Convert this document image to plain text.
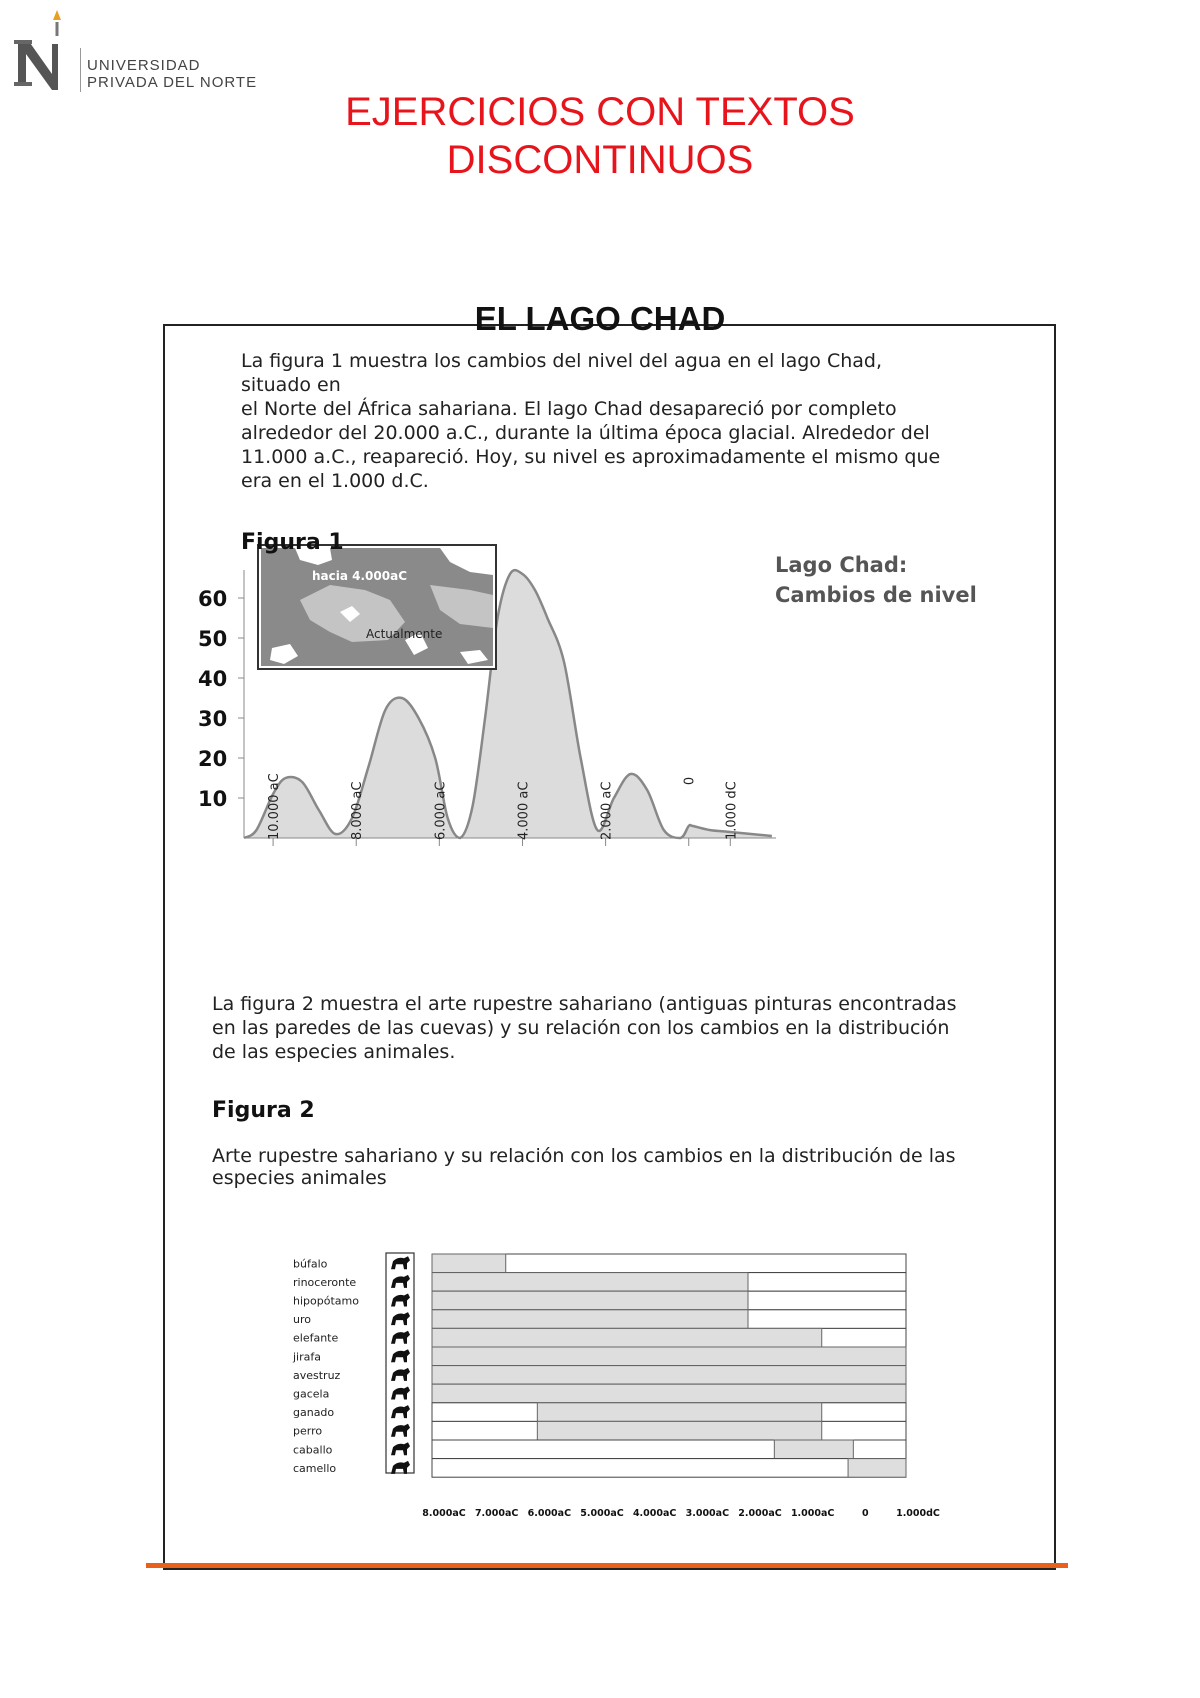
UNIVERSIDAD
PRIVADA DEL NORTE
EJERCICIOS CON TEXTOS
DISCONTINUOS
EL LAGO CHAD
La figura 1 muestra los cambios del nivel del agua en el lago Chad,
situado en
el Norte del África sahariana. El lago Chad desapareció por completo
alrededor del 20.000 a.C., durante la última época glacial. Alrededor del
11.000 a.C., reapareció. Hoy, su nivel es aproximadamente el mismo que
era en el 1.000 d.C.
Lago Chad:
Cambios de nivel
10
20
30
40
50
60
10.000 aC	8.000 aC	6.000 aC	4.000 aC	2.000 aC
0
1.000 dC
hacia 4.000aC
Actualmente
Figura 1
La figura 2 muestra el arte rupestre sahariano (antiguas pinturas encontradas
en las paredes de las cuevas) y su relación con los cambios en la distribución
de las especies animales.
Figura 2
Arte rupestre sahariano y su relación con los cambios en la distribución de las
especies animales
búfalo
rinoceronte
hipopótamo
uro
elefante
jirafa
avestruz
gacela
ganado
perro
caballo
camello
8.000aC 7.000aC 6.000aC 5.000aC 4.000aC 3.000aC 2.000aC 1.000aC	0	1.000dC
